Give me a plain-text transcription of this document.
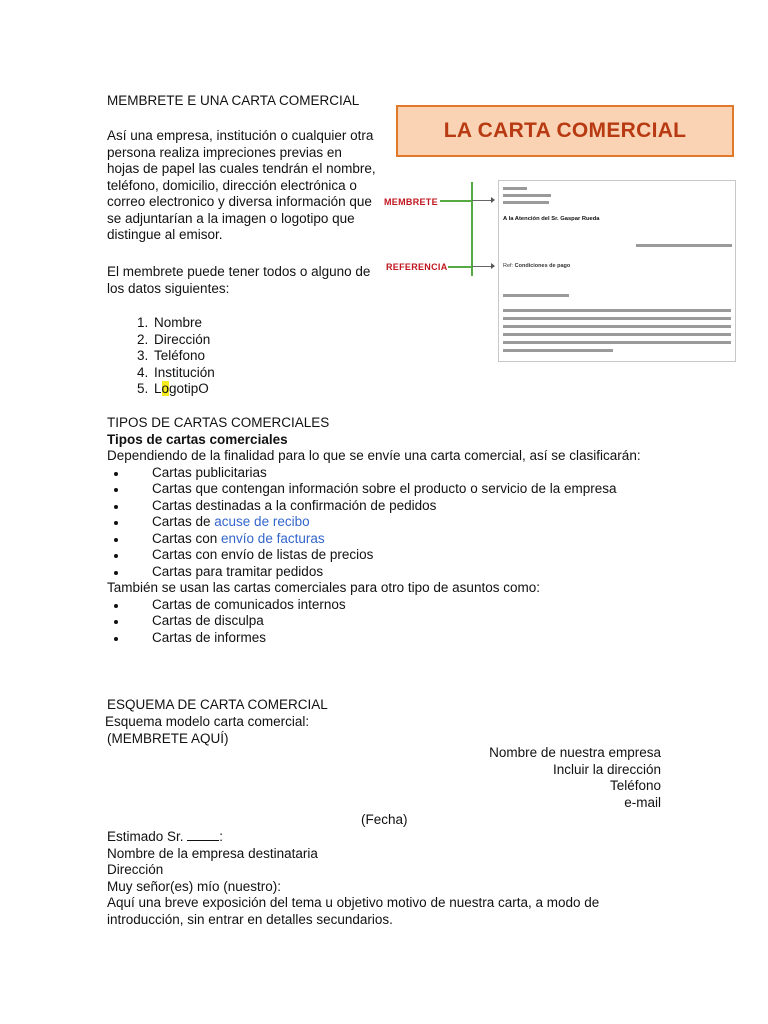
MEMBRETE E UNA CARTA COMERCIAL

Así una empresa, institución o cualquier otra persona realiza impreciones previas en hojas de papel las cuales tendrán el nombre, teléfono, domicilio, dirección electrónica o correo electronico y diversa información que se adjuntarían a la imagen o logotipo que distingue al emisor.

El membrete puede tener todos o alguno de los datos siguientes:

1. Nombre
2. Dirección
3. Teléfono
4. Institución
5. LogotipO
LA CARTA COMERCIAL
MEMBRETE
REFERENCIA
A la Atención del Sr. Gaspar Rueda
Ref: Condiciones de pago
TIPOS DE CARTAS COMERCIALES
Tipos de cartas comerciales
Dependiendo de la finalidad para lo que se envíe una carta comercial, así se clasificarán:
Cartas publicitarias
Cartas que contengan información sobre el producto o servicio de la empresa
Cartas destinadas a la confirmación de pedidos
Cartas de acuse de recibo
Cartas con envío de facturas
Cartas con envío de listas de precios
Cartas para tramitar pedidos
También se usan las cartas comerciales para otro tipo de asuntos como:
Cartas de comunicados internos
Cartas de disculpa
Cartas de informes
ESQUEMA DE CARTA COMERCIAL
Esquema modelo carta comercial:
(MEMBRETE AQUÍ)
Nombre de nuestra empresa
Incluir la dirección
Teléfono
e-mail
(Fecha)
Estimado Sr. :
Nombre de la empresa destinataria
Dirección
Muy señor(es) mío (nuestro):

Aquí una breve exposición del tema u objetivo motivo de nuestra carta, a modo de introducción, sin entrar en detalles secundarios.
